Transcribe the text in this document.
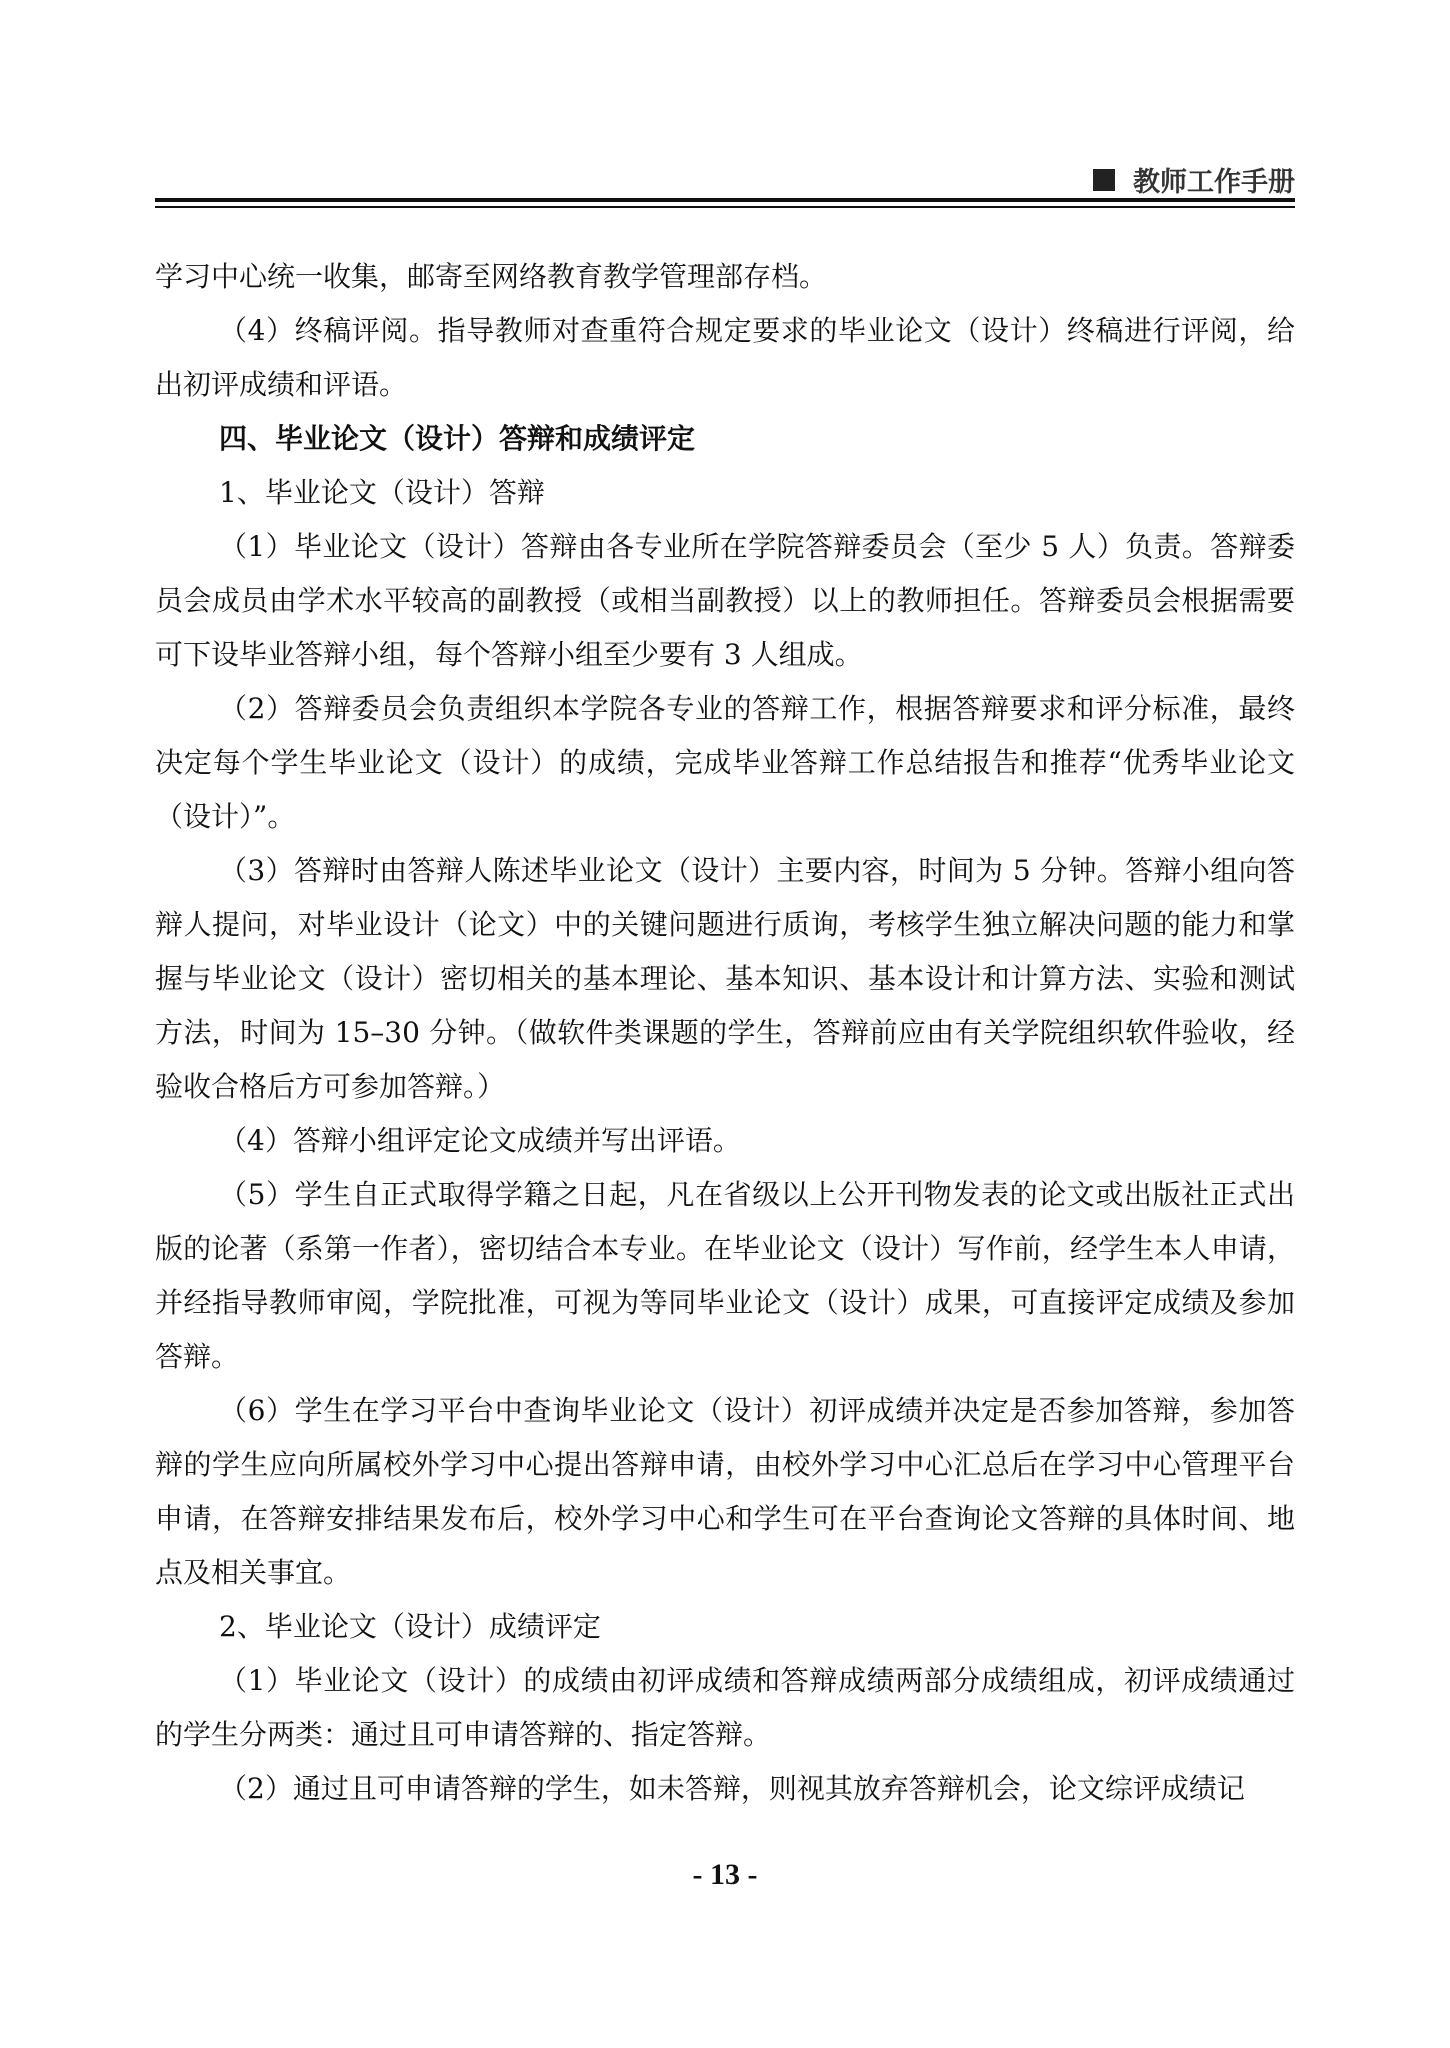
教师工作手册

学习中心统一收集，邮寄至网络教育教学管理部存档。

（4）终稿评阅。指导教师对查重符合规定要求的毕业论文（设计）终稿进行评阅，给出初评成绩和评语。

四、毕业论文（设计）答辩和成绩评定

1、毕业论文（设计）答辩

（1）毕业论文（设计）答辩由各专业所在学院答辩委员会（至少 5 人）负责。答辩委员会成员由学术水平较高的副教授（或相当副教授）以上的教师担任。答辩委员会根据需要可下设毕业答辩小组，每个答辩小组至少要有 3 人组成。

（2）答辩委员会负责组织本学院各专业的答辩工作，根据答辩要求和评分标准，最终决定每个学生毕业论文（设计）的成绩，完成毕业答辩工作总结报告和推荐“优秀毕业论文（设计）”。

（3）答辩时由答辩人陈述毕业论文（设计）主要内容，时间为 5 分钟。答辩小组向答辩人提问，对毕业设计（论文）中的关键问题进行质询，考核学生独立解决问题的能力和掌握与毕业论文（设计）密切相关的基本理论、基本知识、基本设计和计算方法、实验和测试方法，时间为 15–30 分钟。（做软件类课题的学生，答辩前应由有关学院组织软件验收，经验收合格后方可参加答辩。）

（4）答辩小组评定论文成绩并写出评语。

（5）学生自正式取得学籍之日起，凡在省级以上公开刊物发表的论文或出版社正式出版的论著（系第一作者），密切结合本专业。在毕业论文（设计）写作前，经学生本人申请，并经指导教师审阅，学院批准，可视为等同毕业论文（设计）成果，可直接评定成绩及参加答辩。

（6）学生在学习平台中查询毕业论文（设计）初评成绩并决定是否参加答辩，参加答辩的学生应向所属校外学习中心提出答辩申请，由校外学习中心汇总后在学习中心管理平台申请，在答辩安排结果发布后，校外学习中心和学生可在平台查询论文答辩的具体时间、地点及相关事宜。

2、毕业论文（设计）成绩评定

（1）毕业论文（设计）的成绩由初评成绩和答辩成绩两部分成绩组成，初评成绩通过的学生分两类：通过且可申请答辩的、指定答辩。

（2）通过且可申请答辩的学生，如未答辩，则视其放弃答辩机会，论文综评成绩记

- 13 -
